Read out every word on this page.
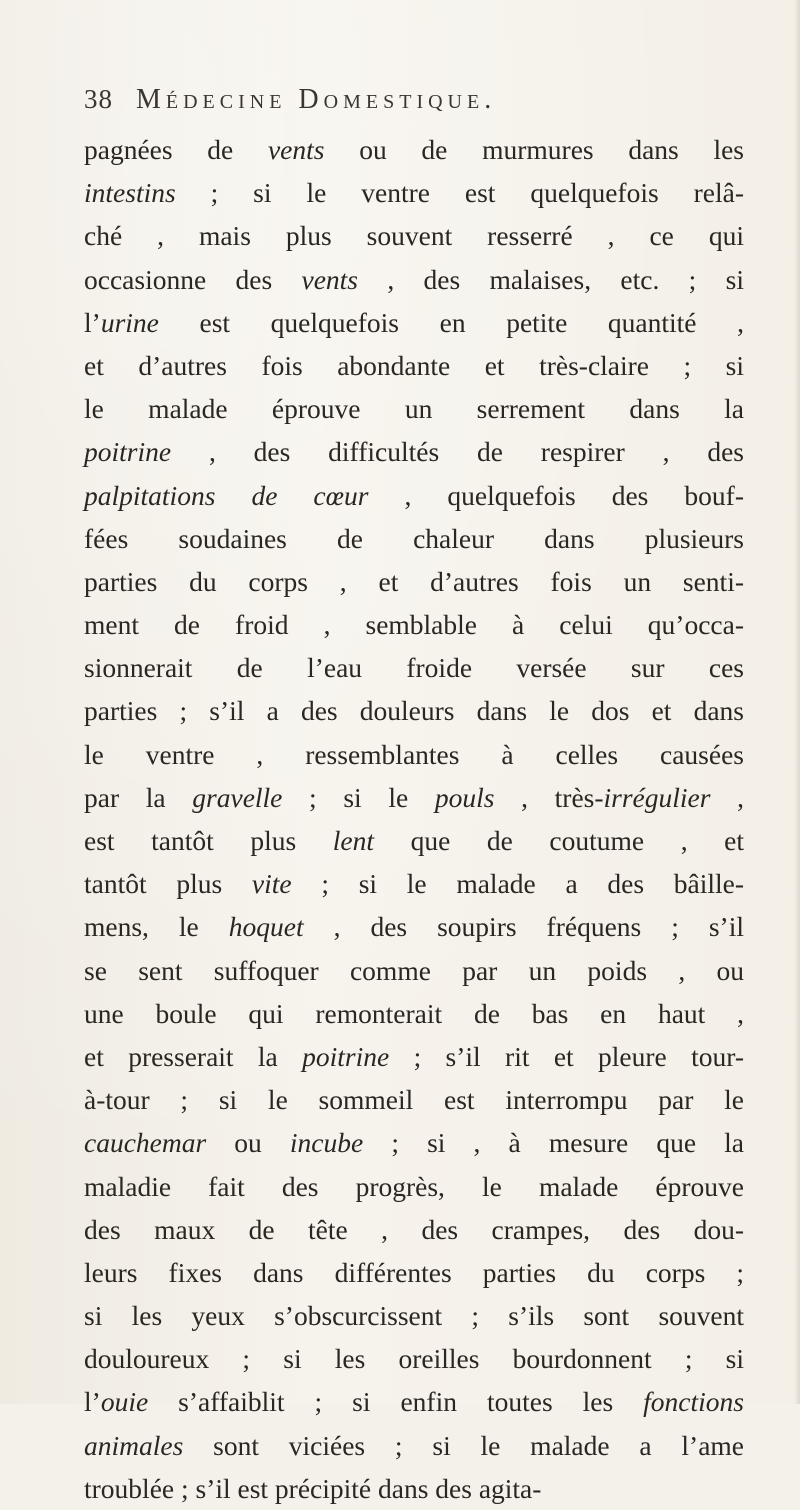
38 Médecine Domestique.
pagnées de vents ou de murmures dans les
intestins ; si le ventre est quelquefois relâ-
ché , mais plus souvent resserré , ce qui
occasionne des vents , des malaises, etc. ; si
l’urine est quelquefois en petite quantité ,
et d’autres fois abondante et très-claire ; si
le malade éprouve un serrement dans la
poitrine , des difficultés de respirer , des
palpitations de cœur , quelquefois des bouf-
fées soudaines de chaleur dans plusieurs
parties du corps , et d’autres fois un senti-
ment de froid , semblable à celui qu’occa-
sionnerait de l’eau froide versée sur ces
parties ; s’il a des douleurs dans le dos et dans
le ventre , ressemblantes à celles causées
par la gravelle ; si le pouls , très-irrégulier ,
est tantôt plus lent que de coutume , et
tantôt plus vite ; si le malade a des bâille-
mens, le hoquet , des soupirs fréquens ; s’il
se sent suffoquer comme par un poids , ou
une boule qui remonterait de bas en haut ,
et presserait la poitrine ; s’il rit et pleure tour-
à-tour ; si le sommeil est interrompu par le
cauchemar ou incube ; si , à mesure que la
maladie fait des progrès, le malade éprouve
des maux de tête , des crampes, des dou-
leurs fixes dans différentes parties du corps ;
si les yeux s’obscurcissent ; s’ils sont souvent
douloureux ; si les oreilles bourdonnent ; si
l’ouie s’affaiblit ; si enfin toutes les fonctions
animales sont viciées ; si le malade a l’ame
troublée ; s’il est précipité dans des agita-
